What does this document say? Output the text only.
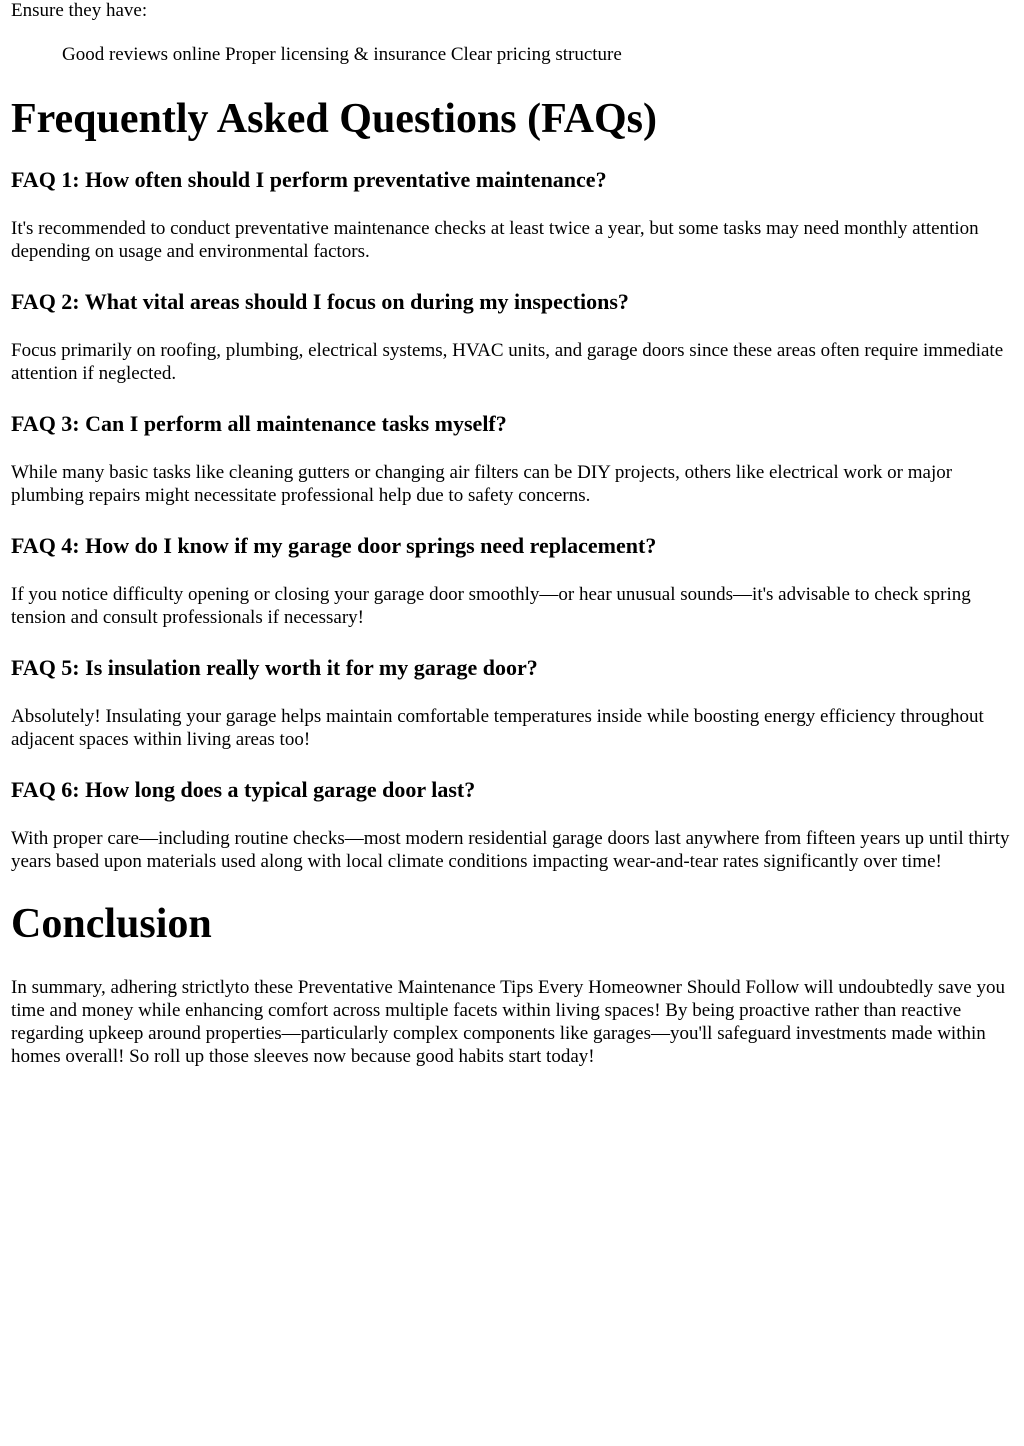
Ensure they have:

Good reviews online Proper licensing & insurance Clear pricing structure
Frequently Asked Questions (FAQs)
FAQ 1: How often should I perform preventative maintenance?

It's recommended to conduct preventative maintenance checks at least twice a year, but some tasks may need monthly attention depending on usage and environmental factors.

FAQ 2: What vital areas should I focus on during my inspections?

Focus primarily on roofing, plumbing, electrical systems, HVAC units, and garage doors since these areas often require immediate attention if neglected.

FAQ 3: Can I perform all maintenance tasks myself?

While many basic tasks like cleaning gutters or changing air filters can be DIY projects, others like electrical work or major plumbing repairs might necessitate professional help due to safety concerns.

FAQ 4: How do I know if my garage door springs need replacement?

If you notice difficulty opening or closing your garage door smoothly—or hear unusual sounds—it's advisable to check spring tension and consult professionals if necessary!

FAQ 5: Is insulation really worth it for my garage door?

Absolutely! Insulating your garage helps maintain comfortable temperatures inside while boosting energy efficiency throughout adjacent spaces within living areas too!

FAQ 6: How long does a typical garage door last?

With proper care—including routine checks—most modern residential garage doors last anywhere from fifteen years up until thirty years based upon materials used along with local climate conditions impacting wear-and-tear rates significantly over time!

Conclusion

In summary, adhering strictlyto these Preventative Maintenance Tips Every Homeowner Should Follow will undoubtedly save you time and money while enhancing comfort across multiple facets within living spaces! By being proactive rather than reactive regarding upkeep around properties—particularly complex components like garages—you'll safeguard investments made within homes overall! So roll up those sleeves now because good habits start today!
